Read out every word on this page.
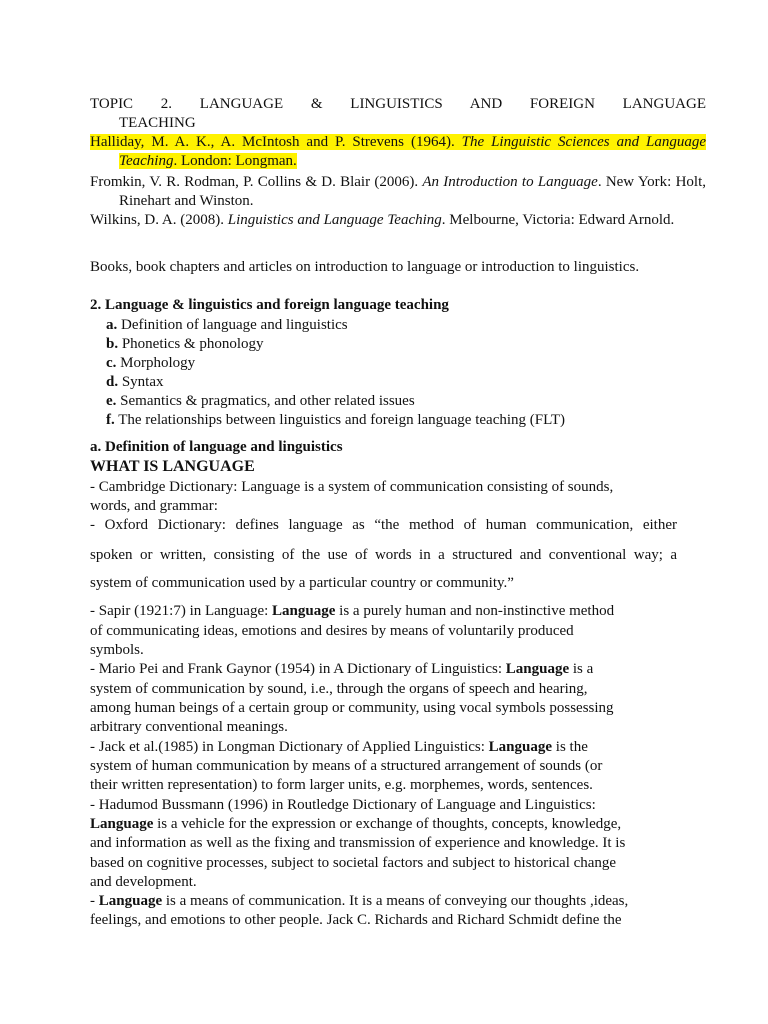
TOPIC 2. LANGUAGE & LINGUISTICS AND FOREIGN LANGUAGE
TEACHING
Halliday, M. A. K., A. McIntosh and P. Strevens (1964). The Linguistic Sciences and Language Teaching. London: Longman.
Fromkin, V. R. Rodman, P. Collins & D. Blair (2006). An Introduction to Language. New York: Holt, Rinehart and Winston.
Wilkins, D. A. (2008). Linguistics and Language Teaching. Melbourne, Victoria: Edward Arnold.
Books, book chapters and articles on introduction to language or introduction to linguistics.
2. Language & linguistics and foreign language teaching
a. Definition of language and linguistics
b. Phonetics & phonology
c. Morphology
d. Syntax
e. Semantics & pragmatics, and other related issues
f. The relationships between linguistics and foreign language teaching (FLT)
a. Definition of language and linguistics
WHAT IS LANGUAGE
- Cambridge Dictionary: Language is a system of communication consisting of sounds,
words, and grammar:
- Oxford Dictionary: defines language as “the method of human communication, either
spoken or written, consisting of the use of words in a structured and conventional way; a
system of communication used by a particular country or community.”
- Sapir (1921:7) in Language: Language is a purely human and non-instinctive method
of communicating ideas, emotions and desires by means of voluntarily produced
symbols.
- Mario Pei and Frank Gaynor (1954) in A Dictionary of Linguistics: Language is a
system of communication by sound, i.e., through the organs of speech and hearing,
among human beings of a certain group or community, using vocal symbols possessing
arbitrary conventional meanings.
- Jack et al.(1985) in Longman Dictionary of Applied Linguistics: Language is the
system of human communication by means of a structured arrangement of sounds (or
their written representation) to form larger units, e.g. morphemes, words, sentences.
- Hadumod Bussmann (1996) in Routledge Dictionary of Language and Linguistics:
Language is a vehicle for the expression or exchange of thoughts, concepts, knowledge,
and information as well as the fixing and transmission of experience and knowledge. It is
based on cognitive processes, subject to societal factors and subject to historical change
and development.
- Language is a means of communication. It is a means of conveying our thoughts ,ideas,
feelings, and emotions to other people. Jack C. Richards and Richard Schmidt define the
